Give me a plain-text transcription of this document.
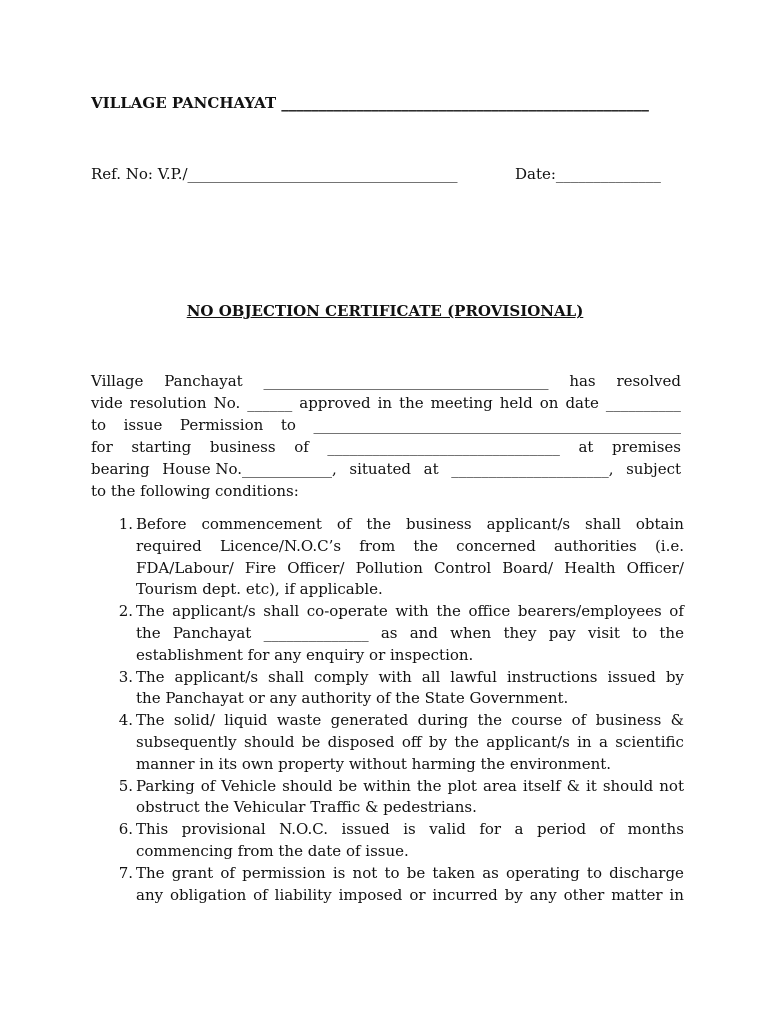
VILLAGE PANCHAYAT _________________________________________________
Ref. No: V.P./____________________________________	Date:______________
NO OBJECTION CERTIFICATE (PROVISIONAL)
Village Panchayat ______________________________________ has resolved
vide resolution No. ______ approved in the meeting held on date __________
to issue Permission to _________________________________________________
for starting business of _______________________________ at premises
bearing House No.____________, situated at _____________________, subject
to the following conditions:
1. Before commencement of the business applicant/s shall obtain
required Licence/N.O.C’s from the concerned authorities (i.e.
FDA/Labour/ Fire Officer/ Pollution Control Board/ Health Officer/
Tourism dept. etc), if applicable.
2. The applicant/s shall co-operate with the office bearers/employees of
the Panchayat ______________ as and when they pay visit to the
establishment for any enquiry or inspection.
3. The applicant/s shall comply with all lawful instructions issued by
the Panchayat or any authority of the State Government.
4. The solid/ liquid waste generated during the course of business &
subsequently should be disposed off by the applicant/s in a scientific
manner in its own property without harming the environment.
5. Parking of Vehicle should be within the plot area itself & it should not
obstruct the Vehicular Traffic & pedestrians.
6. This provisional N.O.C. issued is valid for a period of months
commencing from the date of issue.
7. The grant of permission is not to be taken as operating to discharge
any obligation of liability imposed or incurred by any other matter in
